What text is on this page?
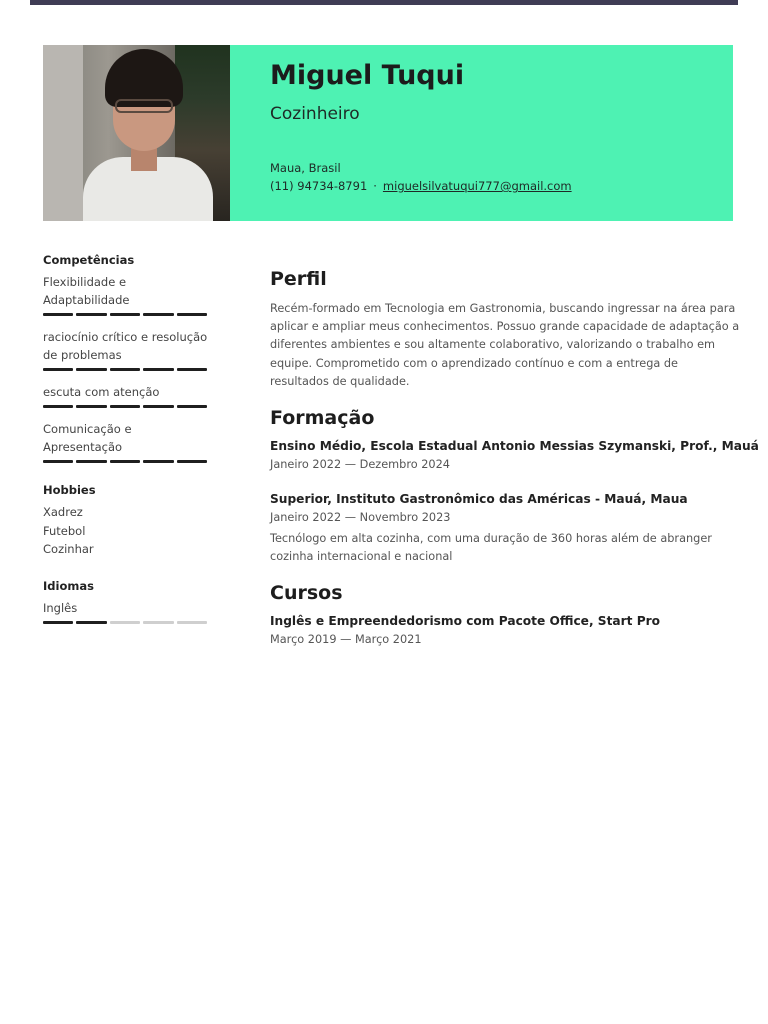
Miguel Tuqui
Cozinheiro
Maua, Brasil
(11) 94734-8791 · miguelsilvatuqui777@gmail.com
Competências
Flexibilidade e Adaptabilidade
raciocínio crítico e resolução de problemas
escuta com atenção
Comunicação e Apresentação
Hobbies
Xadrez
Futebol
Cozinhar
Idiomas
Inglês
Perfil

Recém-formado em Tecnologia em Gastronomia, buscando ingressar na área para aplicar e ampliar meus conhecimentos. Possuo grande capacidade de adaptação a diferentes ambientes e sou altamente colaborativo, valorizando o trabalho em equipe. Comprometido com o aprendizado contínuo e com a entrega de resultados de qualidade.

Formação
Ensino Médio, Escola Estadual Antonio Messias Szymanski, Prof., Mauá
Janeiro 2022 — Dezembro 2024
Superior, Instituto Gastronômico das Américas - Mauá, Maua
Janeiro 2022 — Novembro 2023

Tecnólogo em alta cozinha, com uma duração de 360 horas além de abranger cozinha internacional e nacional

Cursos
Inglês e Empreendedorismo com Pacote Office, Start Pro
Março 2019 — Março 2021
